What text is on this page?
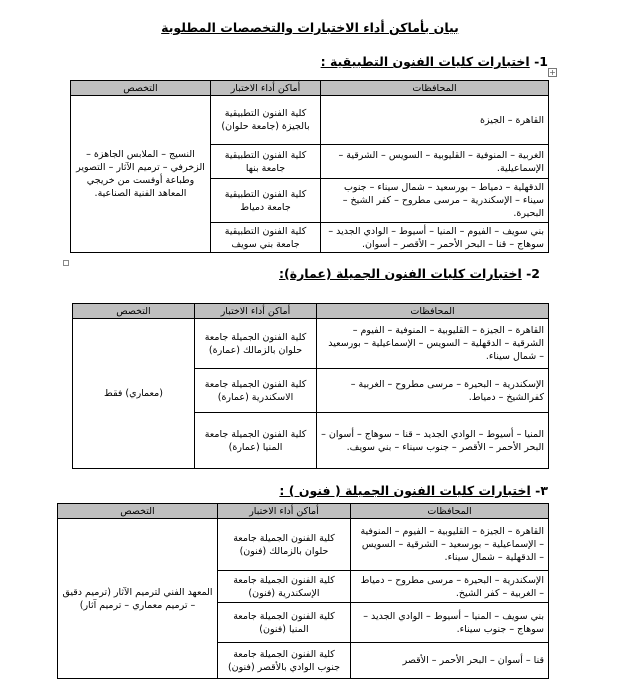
بيان بأماكن أداء الاختبارات والتخصصات المطلوبة
+
1- اختبارات كليات الفنون التطبيقية :
المحافظات	أماكن أداء الاختبار	التخصص
القاهرة – الجيزة	كلية الفنون التطبيقية بالجيزة (جامعة حلوان)	النسيج – الملابس الجاهزة – الزخرفي – ترميم الآثار – التصوير وطباعة أوفست من خريجي المعاهد الفنية الصناعية.
الغربية – المنوفية – القليوبية – السويس – الشرقية – الإسماعيلية.	كلية الفنون التطبيقية جامعة بنها	
الدقهلية – دمياط – بورسعيد – شمال سيناء – جنوب سيناء – الإسكندرية – مرسى مطروح – كفر الشيخ – البحيرة.	كلية الفنون التطبيقية جامعة دمياط	
بني سويف – الفيوم – المنيا – أسيوط – الوادي الجديد – سوهاج – قنا – البحر الأحمر – الأقصر – أسوان.	كلية الفنون التطبيقية جامعة بني سويف	
2- اختبارات كليات الفنون الجميلة (عمارة):
المحافظات	أماكن أداء الاختبار	التخصص
القاهرة – الجيزة – القليوبية – المنوفية – الفيوم – الشرقية – الدقهلية – السويس – الإسماعيلية – بورسعيد – شمال سيناء.	كلية الفنون الجميلة جامعة حلوان بالزمالك (عمارة)	(معماري) فقط
الإسكندرية – البحيرة – مرسى مطروح – الغربية – كفرالشيخ – دمياط.	كلية الفنون الجميلة جامعة الاسكندرية (عمارة)	
المنيا – أسيوط – الوادي الجديد – قنا – سوهاج – أسوان – البحر الأحمر – الأقصر – جنوب سيناء – بني سويف.	كلية الفنون الجميلة جامعة المنيا (عمارة)	
٣- اختبارات كليات الفنون الجميلة ( فنون ) :
المحافظات	أماكن أداء الاختبار	التخصص
القاهرة – الجيزة – القليوبية – الفيوم – المنوفية – الإسماعيلية – بورسعيد – الشرقية – السويس – الدقهلية – شمال سيناء.	كلية الفنون الجميلة جامعة حلوان بالزمالك (فنون)	المعهد الفني لترميم الآثار (ترميم دقيق – ترميم معماري – ترميم آثار)
الإسكندرية – البحيرة – مرسى مطروح – دمياط – الغربية – كفر الشيخ.	كلية الفنون الجميلة جامعة الإسكندرية (فنون)	
بني سويف – المنيا – أسيوط – الوادي الجديد – سوهاج – جنوب سيناء.	كلية الفنون الجميلة جامعة المنيا (فنون)	
قنا – أسوان – البحر الأحمر – الأقصر	كلية الفنون الجميلة جامعة جنوب الوادي بالأقصر (فنون)	
